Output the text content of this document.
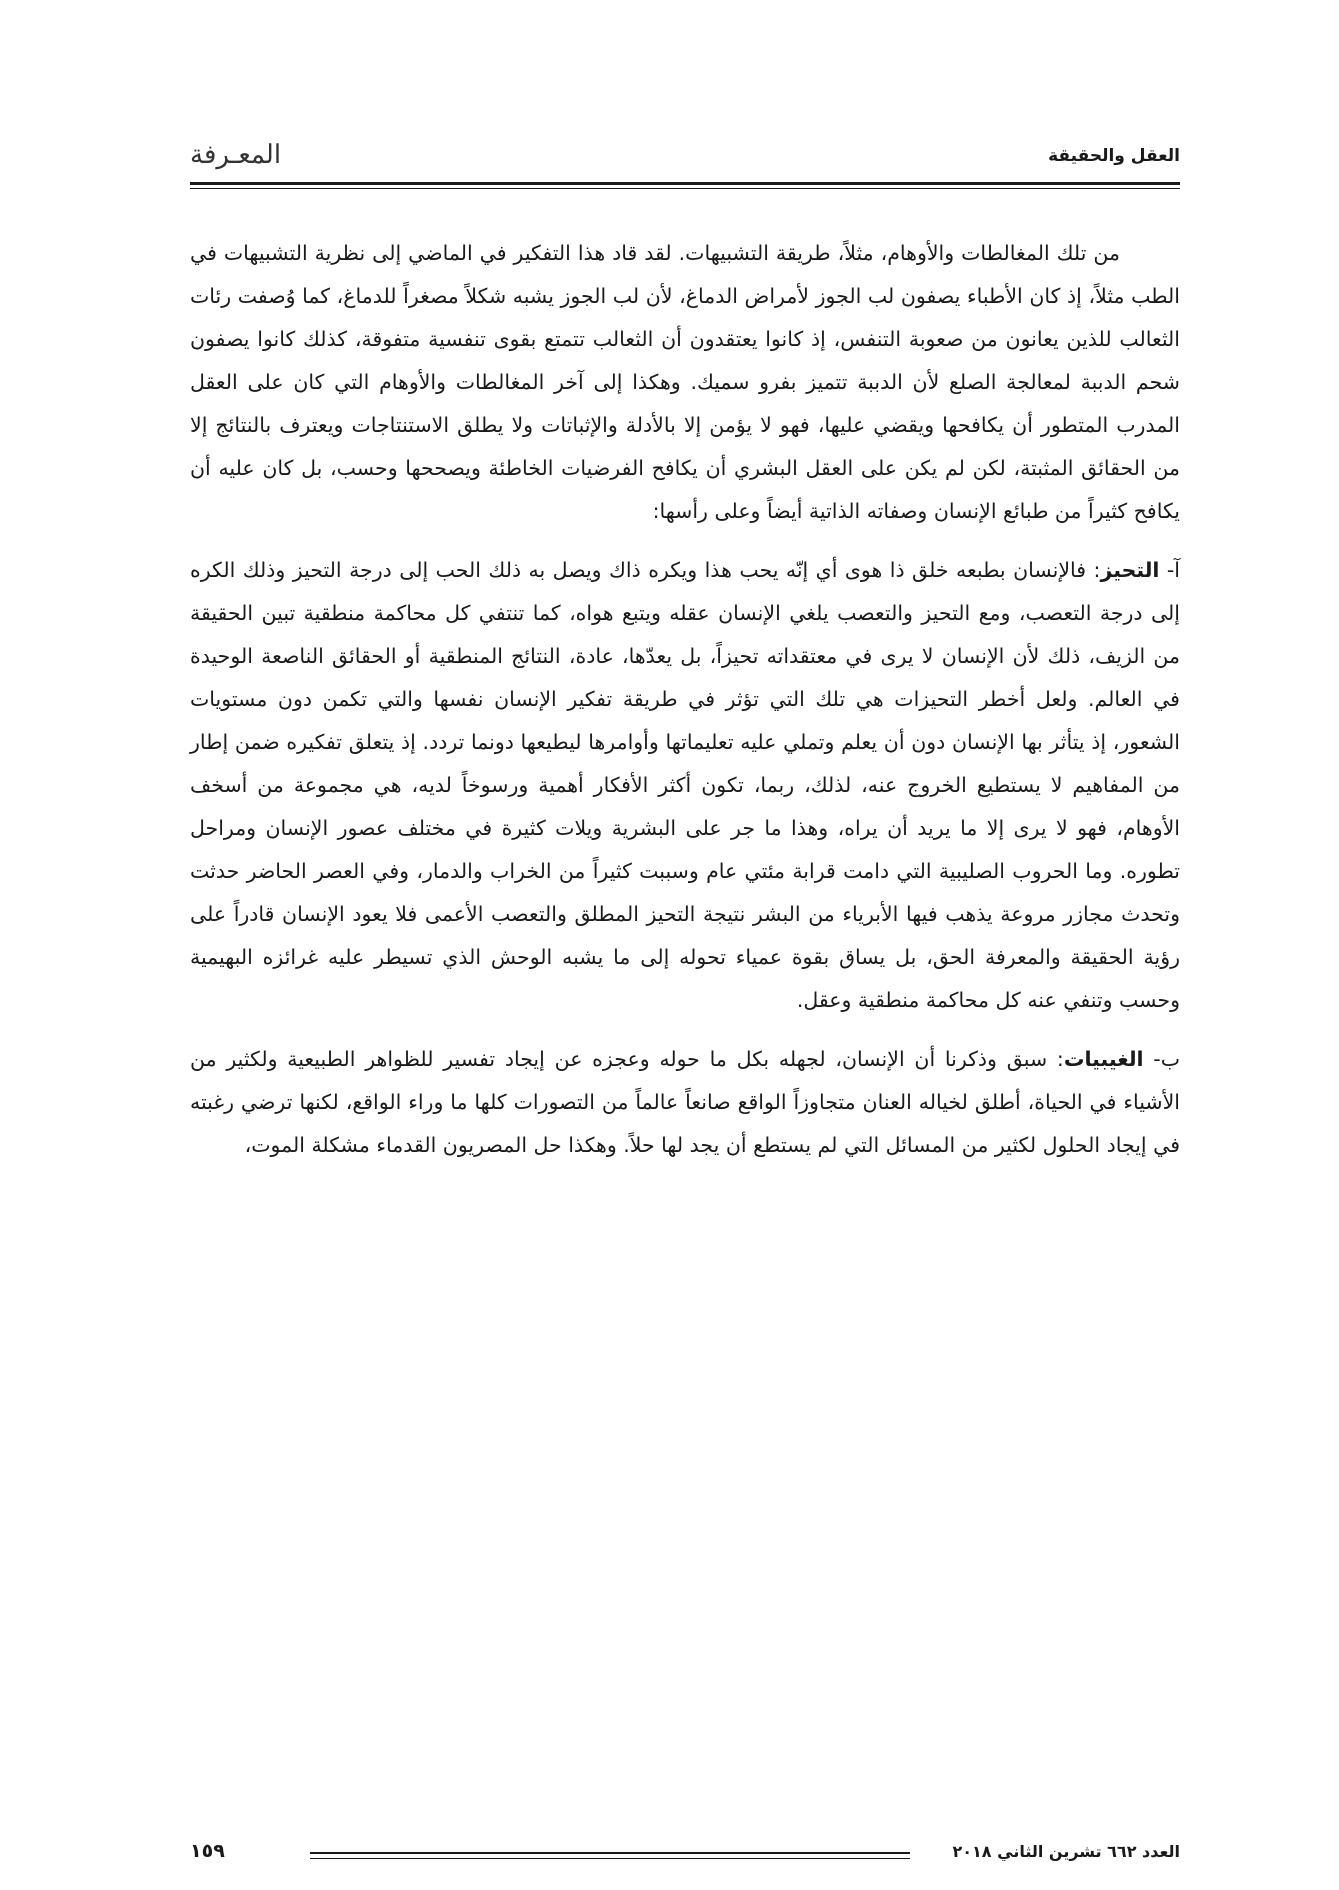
العقل والحقيقة
المعـرفة

من تلك المغالطات والأوهام، مثلاً، طريقة التشبيهات. لقد قاد هذا التفكير في الماضي إلى نظرية التشبيهات في الطب مثلاً، إذ كان الأطباء يصفون لب الجوز لأمراض الدماغ، لأن لب الجوز يشبه شكلاً مصغراً للدماغ، كما وُصفت رئات الثعالب للذين يعانون من صعوبة التنفس، إذ كانوا يعتقدون أن الثعالب تتمتع بقوى تنفسية متفوقة، كذلك كانوا يصفون شحم الدببة لمعالجة الصلع لأن الدببة تتميز بفرو سميك. وهكذا إلى آخر المغالطات والأوهام التي كان على العقل المدرب المتطور أن يكافحها ويقضي عليها، فهو لا يؤمن إلا بالأدلة والإثباتات ولا يطلق الاستنتاجات ويعترف بالنتائج إلا من الحقائق المثبتة، لكن لم يكن على العقل البشري أن يكافح الفرضيات الخاطئة ويصححها وحسب، بل كان عليه أن يكافح كثيراً من طبائع الإنسان وصفاته الذاتية أيضاً وعلى رأسها:

آ- التحيز: فالإنسان بطبعه خلق ذا هوى أي إنّه يحب هذا ويكره ذاك ويصل به ذلك الحب إلى درجة التحيز وذلك الكره إلى درجة التعصب، ومع التحيز والتعصب يلغي الإنسان عقله ويتبع هواه، كما تنتفي كل محاكمة منطقية تبين الحقيقة من الزيف، ذلك لأن الإنسان لا يرى في معتقداته تحيزاً، بل يعدّها، عادة، النتائج المنطقية أو الحقائق الناصعة الوحيدة في العالم. ولعل أخطر التحيزات هي تلك التي تؤثر في طريقة تفكير الإنسان نفسها والتي تكمن دون مستويات الشعور، إذ يتأثر بها الإنسان دون أن يعلم وتملي عليه تعليماتها وأوامرها ليطيعها دونما تردد. إذ يتعلق تفكيره ضمن إطار من المفاهيم لا يستطيع الخروج عنه، لذلك، ربما، تكون أكثر الأفكار أهمية ورسوخاً لديه، هي مجموعة من أسخف الأوهام، فهو لا يرى إلا ما يريد أن يراه، وهذا ما جر على البشرية ويلات كثيرة في مختلف عصور الإنسان ومراحل تطوره. وما الحروب الصليبية التي دامت قرابة مئتي عام وسببت كثيراً من الخراب والدمار، وفي العصر الحاضر حدثت وتحدث مجازر مروعة يذهب فيها الأبرياء من البشر نتيجة التحيز المطلق والتعصب الأعمى فلا يعود الإنسان قادراً على رؤية الحقيقة والمعرفة الحق، بل يساق بقوة عمياء تحوله إلى ما يشبه الوحش الذي تسيطر عليه غرائزه البهيمية وحسب وتنفي عنه كل محاكمة منطقية وعقل.

ب- الغيبيات: سبق وذكرنا أن الإنسان، لجهله بكل ما حوله وعجزه عن إيجاد تفسير للظواهر الطبيعية ولكثير من الأشياء في الحياة، أطلق لخياله العنان متجاوزاً الواقع صانعاً عالماً من التصورات كلها ما وراء الواقع، لكنها ترضي رغبته في إيجاد الحلول لكثير من المسائل التي لم يستطع أن يجد لها حلاً. وهكذا حل المصريون القدماء مشكلة الموت،

العدد ٦٦٢ تشرين الثاني ٢٠١٨
١٥٩
